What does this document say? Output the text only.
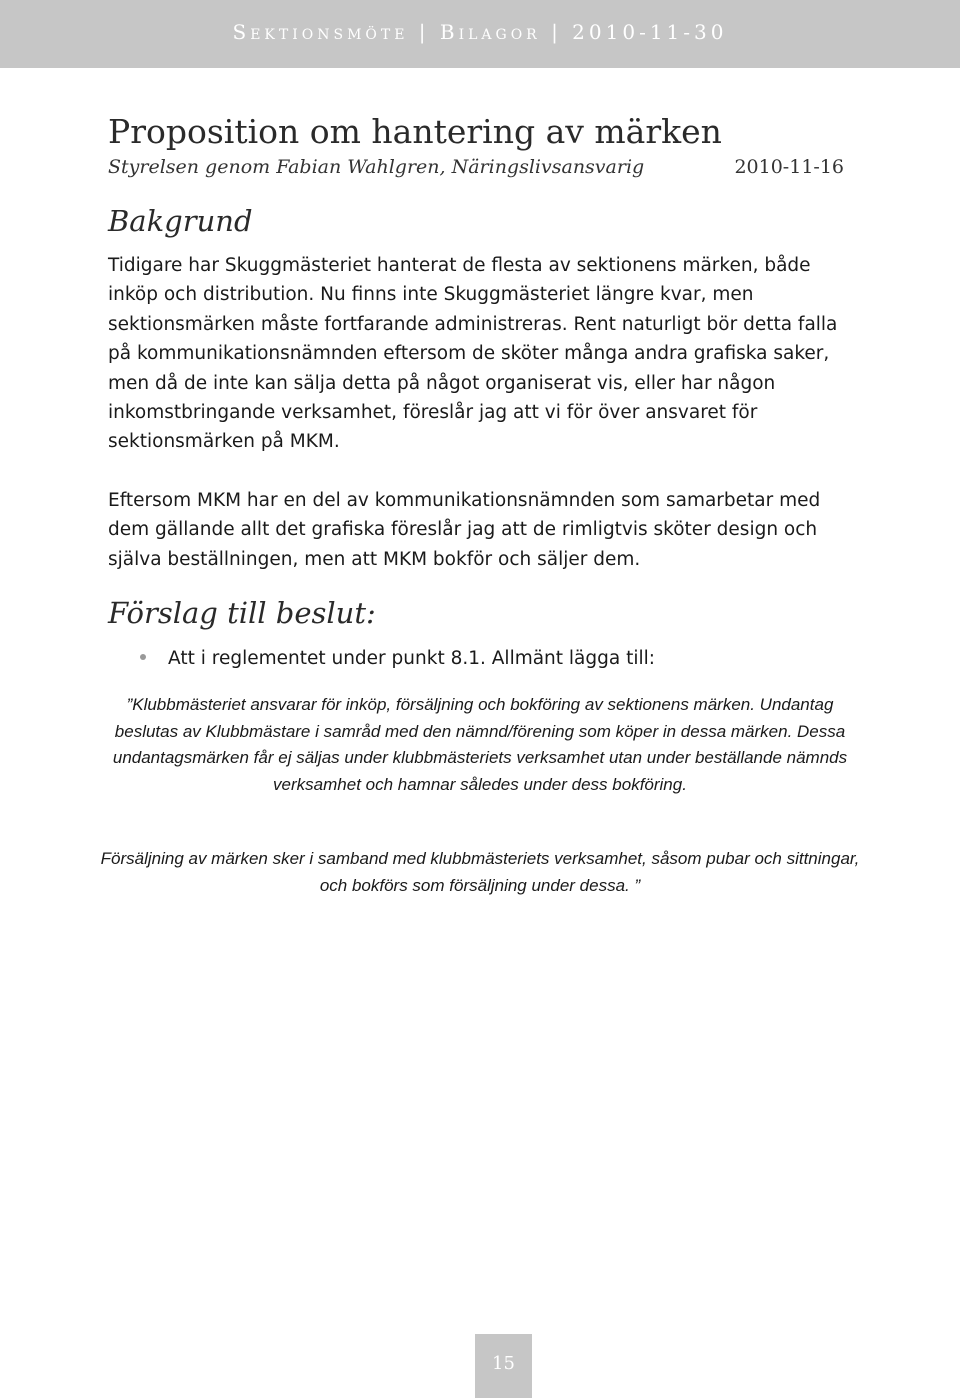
Sektionsmöte | Bilagor | 2010-11-30
Proposition om hantering av märken
Styrelsen genom Fabian Wahlgren, Näringslivsansvarig	2010-11-16
Bakgrund

Tidigare har Skuggmästeriet hanterat de flesta av sektionens märken, både inköp och distribution. Nu finns inte Skuggmästeriet längre kvar, men sektionsmärken måste fortfarande administreras. Rent naturligt bör detta falla på kommunikationsnämnden eftersom de sköter många andra grafiska saker, men då de inte kan sälja detta på något organiserat vis, eller har någon inkomstbringande verksamhet, föreslår jag att vi för över ansvaret för sektionsmärken på MKM.

Eftersom MKM har en del av kommunikationsnämnden som samarbetar med dem gällande allt det grafiska föreslår jag att de rimligtvis sköter design och själva beställningen, men att MKM bokför och säljer dem.

Förslag till beslut:
Att i reglementet under punkt 8.1. Allmänt lägga till:

”Klubbmästeriet ansvarar för inköp, försäljning och bokföring av sektionens märken. Undantag beslutas av Klubbmästare i samråd med den nämnd/förening som köper in dessa märken. Dessa undantagsmärken får ej säljas under klubbmästeriets verksamhet utan under beställande nämnds verksamhet och hamnar således under dess bokföring.

Försäljning av märken sker i samband med klubbmästeriets verksamhet, såsom pubar och sittningar, och bokförs som försäljning under dessa. ”

15
